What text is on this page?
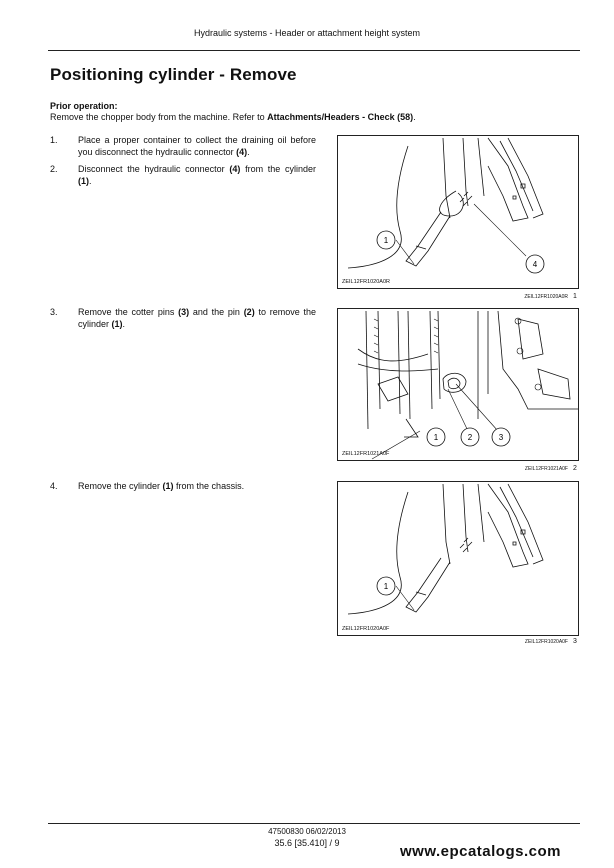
Hydraulic systems - Header or attachment height system
Positioning cylinder - Remove
Prior operation:
Remove the chopper body from the machine. Refer to Attachments/Headers - Check (58).
1.	Place a proper container to collect the draining oil before you disconnect the hydraulic connector (4).
2.	Disconnect the hydraulic connector (4) from the cylinder (1).
3.	Remove the cotter pins (3) and the pin (2) to remove the cylinder (1).
4.	Remove the cylinder (1) from the chassis.
1
4
ZEIL12FR1020A0R
ZEIL12FR1020A0R 1
1	2	3
ZEIL12FR1021A0F
ZEIL12FR1021A0F 2
1
ZEIL12FR1020A0F
ZEIL12FR1020A0F 3
47500830 06/02/2013
35.6 [35.410] / 9	www.epcatalogs.com
